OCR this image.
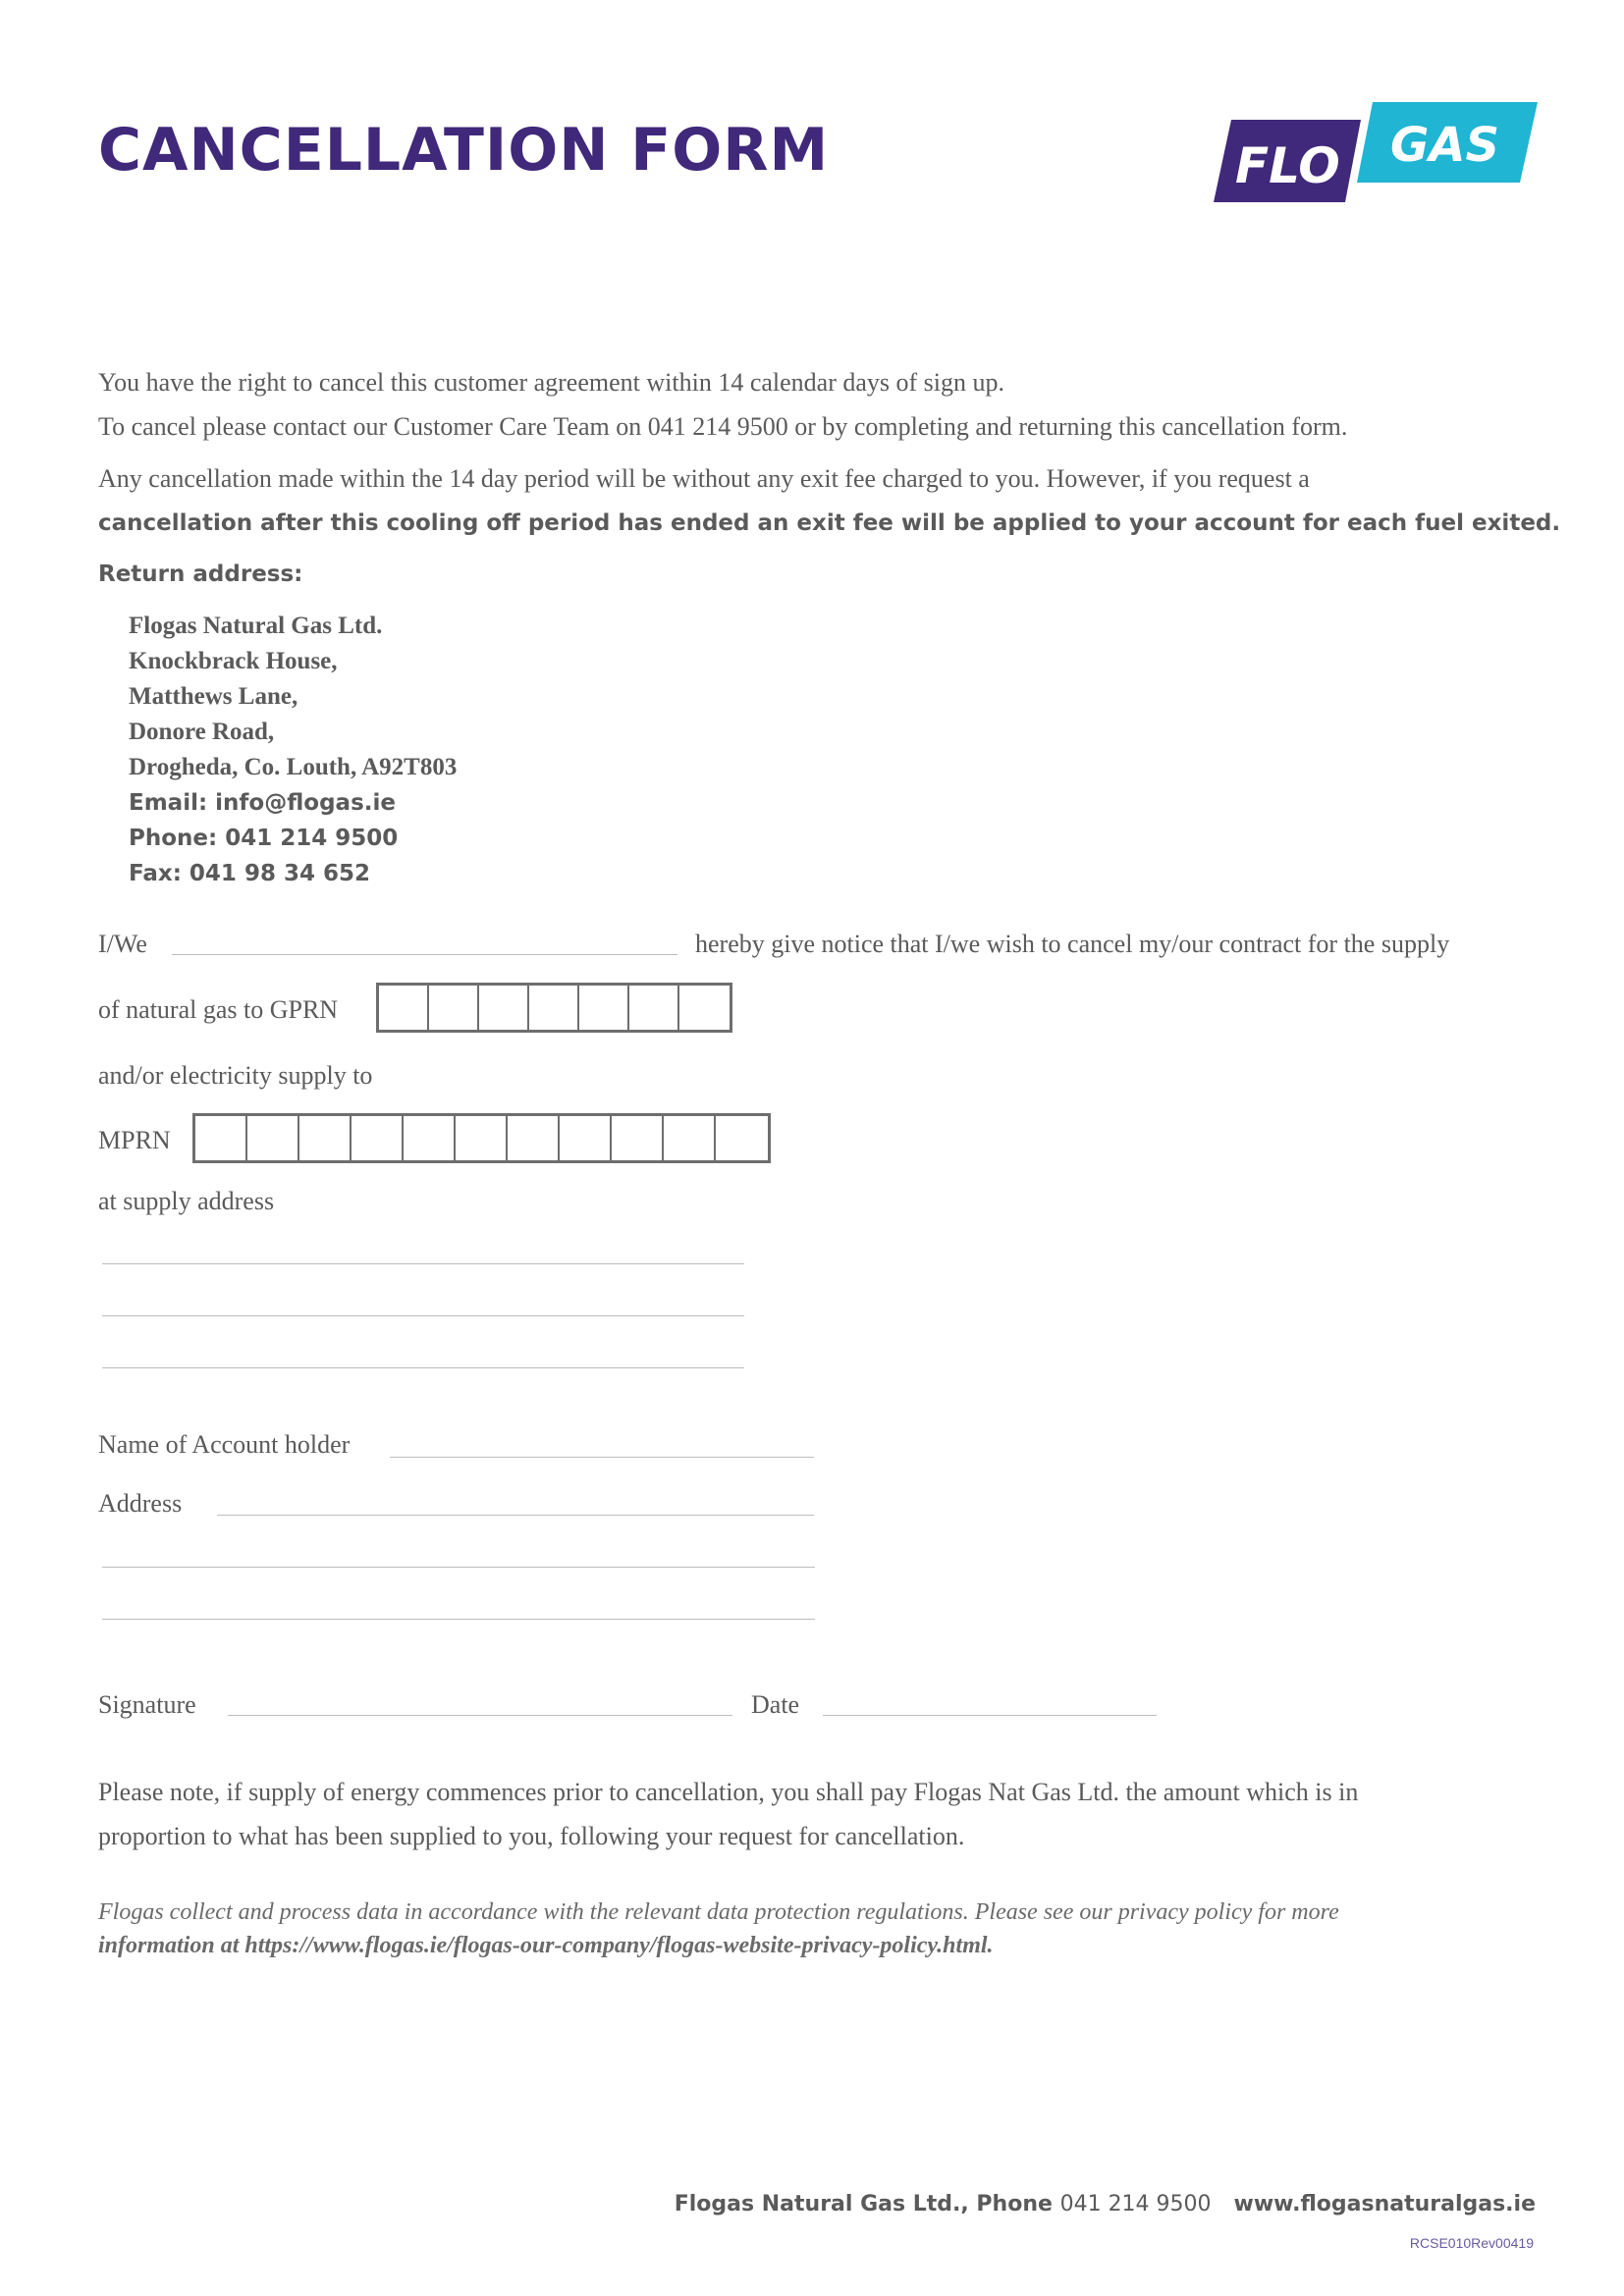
CANCELLATION FORM	FLO GAS
You have the right to cancel this customer agreement within 14 calendar days of sign up.
To cancel please contact our Customer Care Team on 041 214 9500 or by completing and returning this cancellation form.
Any cancellation made within the 14 day period will be without any exit fee charged to you. However, if you request a
cancellation after this cooling off period has ended an exit fee will be applied to your account for each fuel exited.
Return address:
Flogas Natural Gas Ltd.
Knockbrack House,
Matthews Lane,
Donore Road,
Drogheda, Co. Louth, A92T803
Email: info@flogas.ie
Phone: 041 214 9500
Fax: 041 98 34 652
I/We	hereby give notice that I/we wish to cancel my/our contract for the supply
of natural gas to GPRN
and/or electricity supply to
MPRN
at supply address
Name of Account holder
Address
Signature	Date
Please note, if supply of energy commences prior to cancellation, you shall pay Flogas Nat Gas Ltd. the amount which is in
proportion to what has been supplied to you, following your request for cancellation.
Flogas collect and process data in accordance with the relevant data protection regulations. Please see our privacy policy for more
information at https://www.flogas.ie/flogas-our-company/flogas-website-privacy-policy.html.
Flogas Natural Gas Ltd., Phone 041 214 9500 www.flogasnaturalgas.ie
RCSE010Rev00419
